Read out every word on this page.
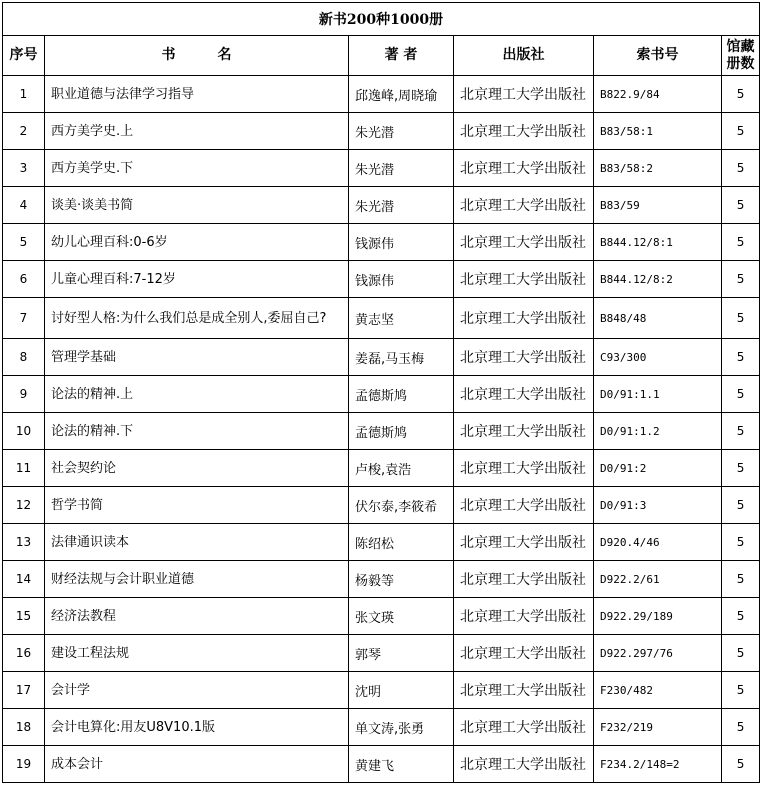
新书200种1000册					
序号	书　　　名	著 者	出版社	索书号	馆藏册数
1	职业道德与法律学习指导	邱逸峰,周晓瑜	北京理工大学出版社	B822.9/84	5
2	西方美学史.上	朱光潜	北京理工大学出版社	B83/58:1	5
3	西方美学史.下	朱光潜	北京理工大学出版社	B83/58:2	5
4	谈美·谈美书简	朱光潜	北京理工大学出版社	B83/59	5
5	幼儿心理百科:0-6岁	钱源伟	北京理工大学出版社	B844.12/8:1	5
6	儿童心理百科:7-12岁	钱源伟	北京理工大学出版社	B844.12/8:2	5
7	讨好型人格:为什么我们总是成全别人,委屈自己?	黄志坚	北京理工大学出版社	B848/48	5
8	管理学基础	姜磊,马玉梅	北京理工大学出版社	C93/300	5
9	论法的精神.上	孟德斯鸠	北京理工大学出版社	D0/91:1.1	5
10	论法的精神.下	孟德斯鸠	北京理工大学出版社	D0/91:1.2	5
11	社会契约论	卢梭,袁浩	北京理工大学出版社	D0/91:2	5
12	哲学书简	伏尔泰,李筱希	北京理工大学出版社	D0/91:3	5
13	法律通识读本	陈绍松	北京理工大学出版社	D920.4/46	5
14	财经法规与会计职业道德	杨毅等	北京理工大学出版社	D922.2/61	5
15	经济法教程	张文瑛	北京理工大学出版社	D922.29/189	5
16	建设工程法规	郭琴	北京理工大学出版社	D922.297/76	5
17	会计学	沈明	北京理工大学出版社	F230/482	5
18	会计电算化:用友U8V10.1版	单文涛,张勇	北京理工大学出版社	F232/219	5
19	成本会计	黄建飞	北京理工大学出版社	F234.2/148=2	5
